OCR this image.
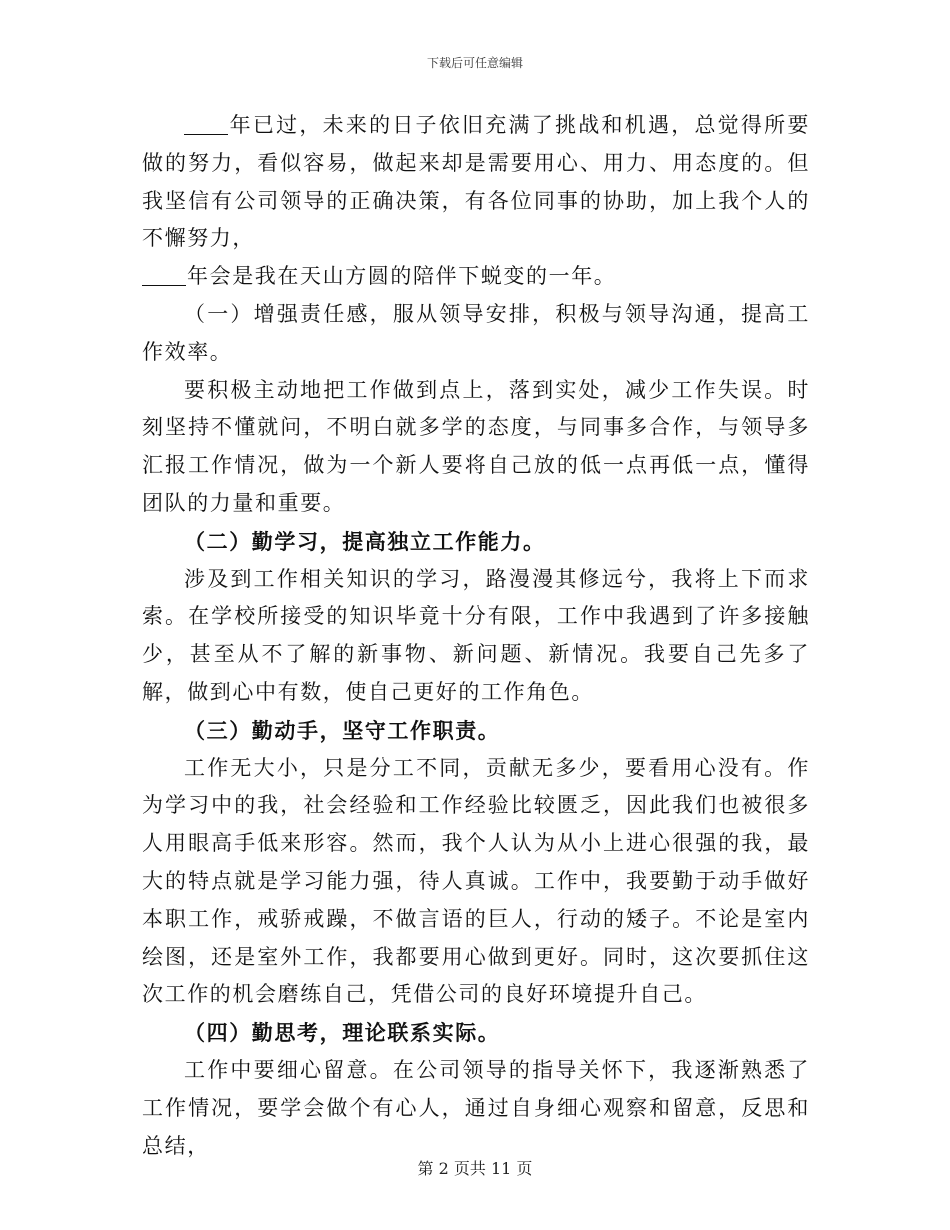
下载后可任意编辑

年已过，未来的日子依旧充满了挑战和机遇，总觉得所要做的努力，看似容易，做起来却是需要用心、用力、用态度的。但我坚信有公司领导的正确决策，有各位同事的协助，加上我个人的不懈努力，

年会是我在天山方圆的陪伴下蜕变的一年。

（一）增强责任感，服从领导安排，积极与领导沟通，提高工作效率。

要积极主动地把工作做到点上，落到实处，减少工作失误。时刻坚持不懂就问，不明白就多学的态度，与同事多合作，与领导多汇报工作情况，做为一个新人要将自己放的低一点再低一点，懂得团队的力量和重要。

（二）勤学习，提高独立工作能力。

涉及到工作相关知识的学习，路漫漫其修远兮，我将上下而求索。在学校所接受的知识毕竟十分有限，工作中我遇到了许多接触少，甚至从不了解的新事物、新问题、新情况。我要自己先多了解，做到心中有数，使自己更好的工作角色。

（三）勤动手，坚守工作职责。

工作无大小，只是分工不同，贡献无多少，要看用心没有。作为学习中的我，社会经验和工作经验比较匮乏，因此我们也被很多人用眼高手低来形容。然而，我个人认为从小上进心很强的我，最大的特点就是学习能力强，待人真诚。工作中，我要勤于动手做好本职工作，戒骄戒躁，不做言语的巨人，行动的矮子。不论是室内绘图，还是室外工作，我都要用心做到更好。同时，这次要抓住这次工作的机会磨练自己，凭借公司的良好环境提升自己。

（四）勤思考，理论联系实际。

工作中要细心留意。在公司领导的指导关怀下，我逐渐熟悉了工作情况，要学会做个有心人，通过自身细心观察和留意，反思和总结，

第 2 页共 11 页
